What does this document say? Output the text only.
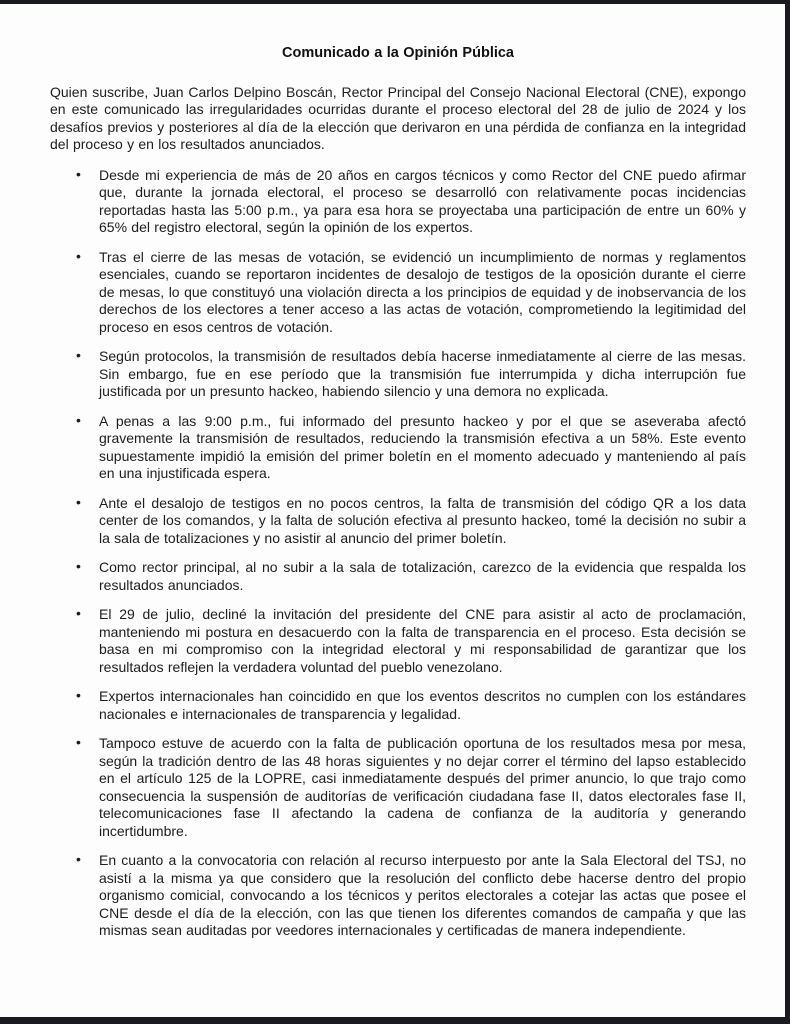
Comunicado a la Opinión Pública

Quien suscribe, Juan Carlos Delpino Boscán, Rector Principal del Consejo Nacional Electoral (CNE), expongo en este comunicado las irregularidades ocurridas durante el proceso electoral del 28 de julio de 2024 y los desafíos previos y posteriores al día de la elección que derivaron en una pérdida de confianza en la integridad del proceso y en los resultados anunciados.

• Desde mi experiencia de más de 20 años en cargos técnicos y como Rector del CNE puedo afirmar que, durante la jornada electoral, el proceso se desarrolló con relativamente pocas incidencias reportadas hasta las 5:00 p.m., ya para esa hora se proyectaba una participación de entre un 60% y 65% del registro electoral, según la opinión de los expertos.
• Tras el cierre de las mesas de votación, se evidenció un incumplimiento de normas y reglamentos esenciales, cuando se reportaron incidentes de desalojo de testigos de la oposición durante el cierre de mesas, lo que constituyó una violación directa a los principios de equidad y de inobservancia de los derechos de los electores a tener acceso a las actas de votación, comprometiendo la legitimidad del proceso en esos centros de votación.
• Según protocolos, la transmisión de resultados debía hacerse inmediatamente al cierre de las mesas. Sin embargo, fue en ese período que la transmisión fue interrumpida y dicha interrupción fue justificada por un presunto hackeo, habiendo silencio y una demora no explicada.
• A penas a las 9:00 p.m., fui informado del presunto hackeo y por el que se aseveraba afectó gravemente la transmisión de resultados, reduciendo la transmisión efectiva a un 58%. Este evento supuestamente impidió la emisión del primer boletín en el momento adecuado y manteniendo al país en una injustificada espera.
• Ante el desalojo de testigos en no pocos centros, la falta de transmisión del código QR a los data center de los comandos, y la falta de solución efectiva al presunto hackeo, tomé la decisión no subir a la sala de totalizaciones y no asistir al anuncio del primer boletín.
• Como rector principal, al no subir a la sala de totalización, carezco de la evidencia que respalda los resultados anunciados.
• El 29 de julio, decliné la invitación del presidente del CNE para asistir al acto de proclamación, manteniendo mi postura en desacuerdo con la falta de transparencia en el proceso. Esta decisión se basa en mi compromiso con la integridad electoral y mi responsabilidad de garantizar que los resultados reflejen la verdadera voluntad del pueblo venezolano.
• Expertos internacionales han coincidido en que los eventos descritos no cumplen con los estándares nacionales e internacionales de transparencia y legalidad.
• Tampoco estuve de acuerdo con la falta de publicación oportuna de los resultados mesa por mesa, según la tradición dentro de las 48 horas siguientes y no dejar correr el término del lapso establecido en el artículo 125 de la LOPRE, casi inmediatamente después del primer anuncio, lo que trajo como consecuencia la suspensión de auditorías de verificación ciudadana fase II, datos electorales fase II, telecomunicaciones fase II afectando la cadena de confianza de la auditoría y generando incertidumbre.
• En cuanto a la convocatoria con relación al recurso interpuesto por ante la Sala Electoral del TSJ, no asistí a la misma ya que considero que la resolución del conflicto debe hacerse dentro del propio organismo comicial, convocando a los técnicos y peritos electorales a cotejar las actas que posee el CNE desde el día de la elección, con las que tienen los diferentes comandos de campaña y que las mismas sean auditadas por veedores internacionales y certificadas de manera independiente.
